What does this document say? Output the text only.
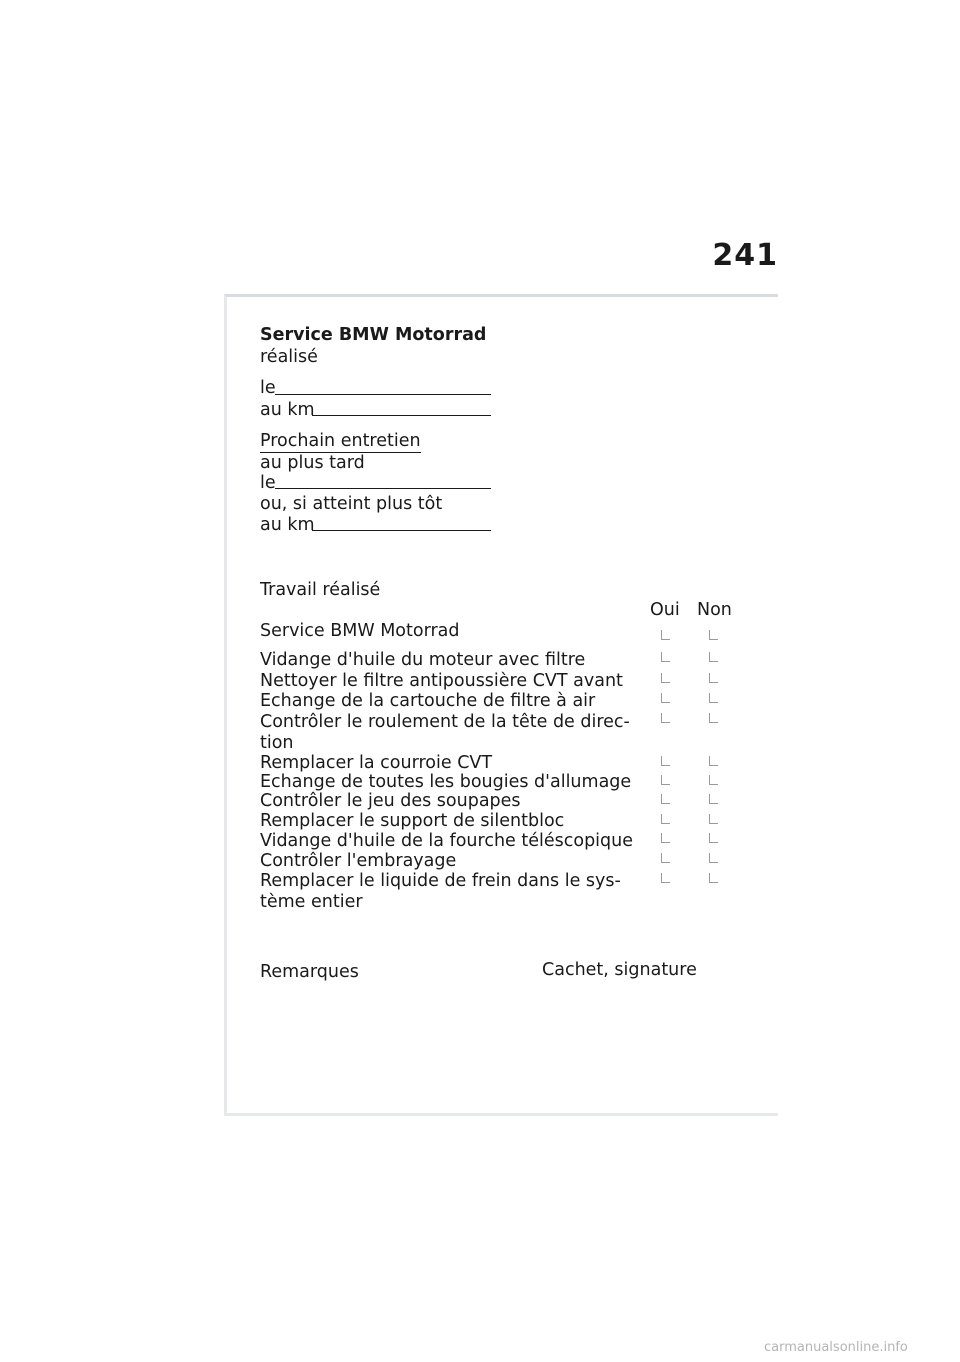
241
Service BMW Motorrad
réalisé
le
au km
Prochain entretien
au plus tard
le
ou, si atteint plus tôt
au km
Travail réalisé
Oui Non
Service BMW Motorrad
Vidange d'huile du moteur avec filtre
Nettoyer le filtre antipoussière CVT avant
Echange de la cartouche de filtre à air
Contrôler le roulement de la tête de direc-
tion
Remplacer la courroie CVT
Echange de toutes les bougies d'allumage
Contrôler le jeu des soupapes
Remplacer le support de silentbloc
Vidange d'huile de la fourche téléscopique
Contrôler l'embrayage
Remplacer le liquide de frein dans le sys-
tème entier
Remarques	Cachet, signature
carmanualsonline.info
